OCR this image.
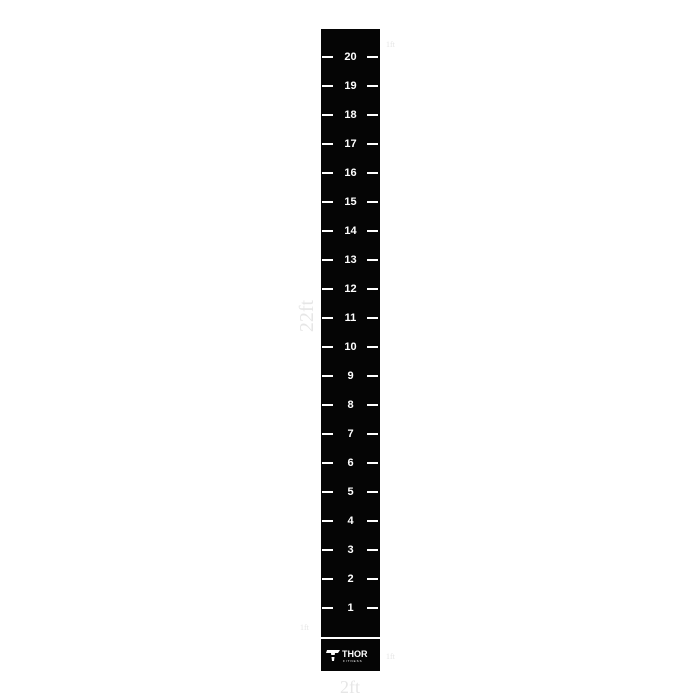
20
19
18
17
16
15
14
13
12
11
10
9
8
7
6
5
4
3
2
1
THOR
FITNESS
22ft
2ft
1ft
1ft
1ft
